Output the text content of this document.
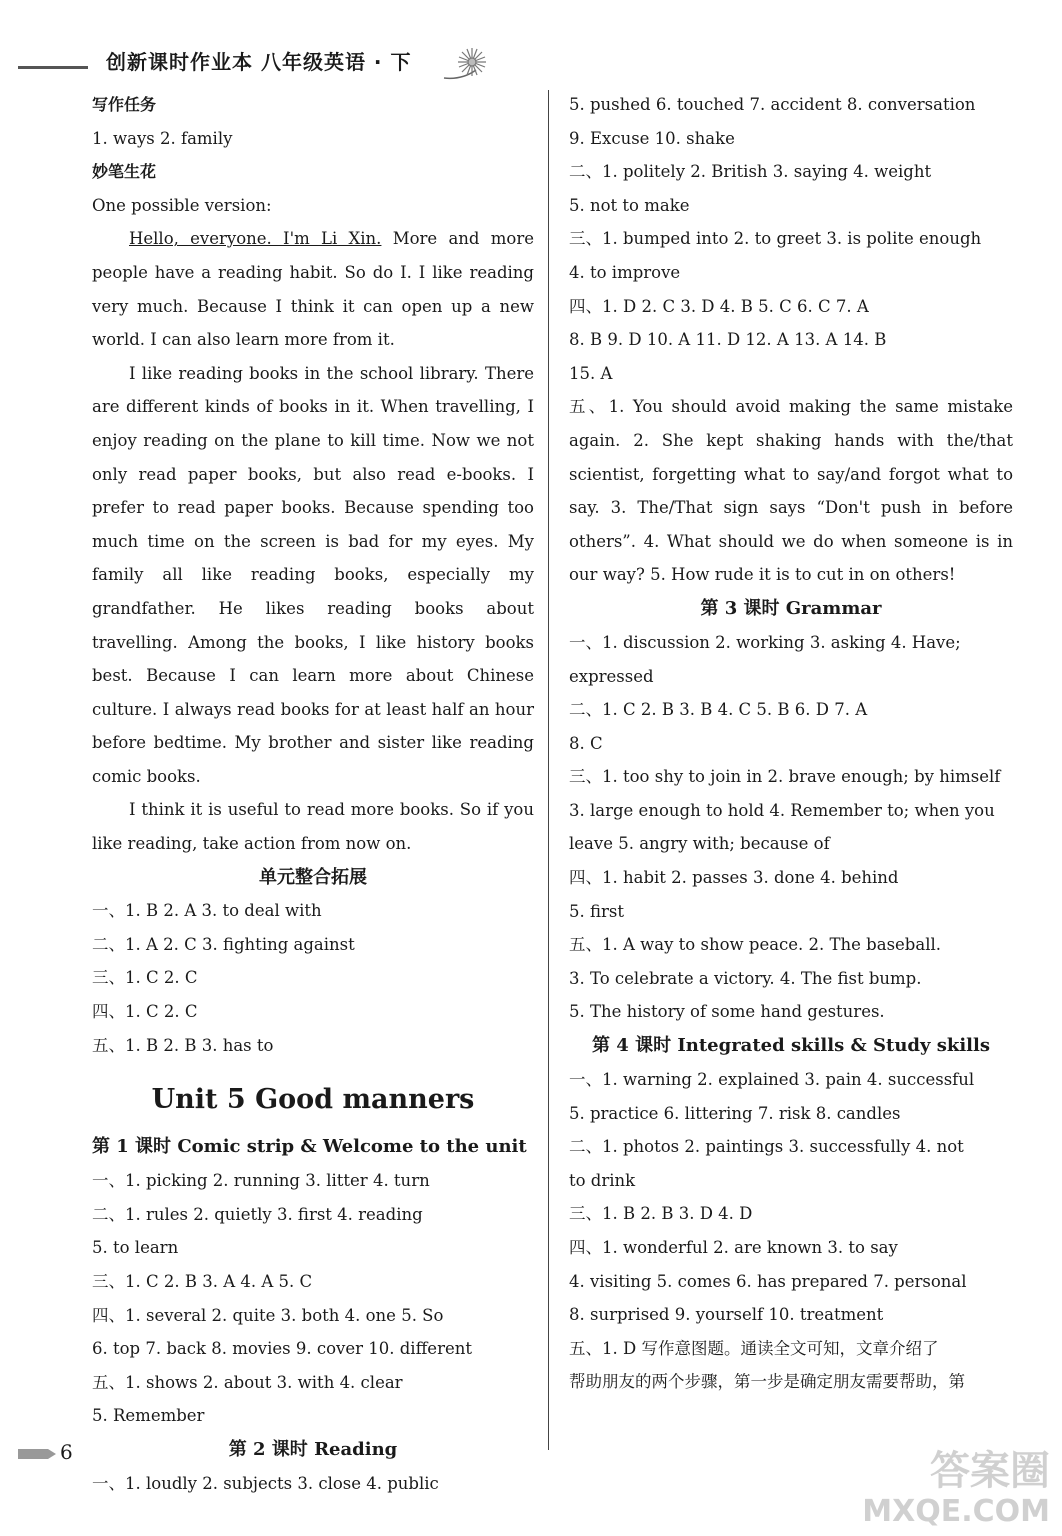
创新课时作业本 八年级英语 · 下
写作任务
1. ways 2. family
妙笔生花
One possible version:
Hello, everyone. I'm Li Xin. More and more people have a reading habit. So do I. I like reading very much. Because I think it can open up a new world. I can also learn more from it.
I like reading books in the school library. There are different kinds of books in it. When travelling, I enjoy reading on the plane to kill time. Now we not only read paper books, but also read e-books. I prefer to read paper books. Because spending too much time on the screen is bad for my eyes. My family all like reading books, especially my grandfather. He likes reading books about travelling. Among the books, I like history books best. Because I can learn more about Chinese culture. I always read books for at least half an hour before bedtime. My brother and sister like reading comic books.
I think it is useful to read more books. So if you like reading, take action from now on.
单元整合拓展
一、1. B 2. A 3. to deal with
二、1. A 2. C 3. fighting against
三、1. C 2. C
四、1. C 2. C
五、1. B 2. B 3. has to
Unit 5 Good manners
第 1 课时 Comic strip & Welcome to the unit
一、1. picking 2. running 3. litter 4. turn
二、1. rules 2. quietly 3. first 4. reading
5. to learn
三、1. C 2. B 3. A 4. A 5. C
四、1. several 2. quite 3. both 4. one 5. So
6. top 7. back 8. movies 9. cover 10. different
五、1. shows 2. about 3. with 4. clear
5. Remember
第 2 课时 Reading
一、1. loudly 2. subjects 3. close 4. public
5. pushed 6. touched 7. accident 8. conversation
9. Excuse 10. shake
二、1. politely 2. British 3. saying 4. weight
5. not to make
三、1. bumped into 2. to greet 3. is polite enough
4. to improve
四、1. D 2. C 3. D 4. B 5. C 6. C 7. A
8. B 9. D 10. A 11. D 12. A 13. A 14. B
15. A
五、1. You should avoid making the same mistake again. 2. She kept shaking hands with the/that scientist, forgetting what to say/and forgot what to say. 3. The/That sign says “Don't push in before others”. 4. What should we do when someone is in our way? 5. How rude it is to cut in on others!
第 3 课时 Grammar
一、1. discussion 2. working 3. asking 4. Have;
expressed
二、1. C 2. B 3. B 4. C 5. B 6. D 7. A
8. C
三、1. too shy to join in 2. brave enough; by himself
3. large enough to hold 4. Remember to; when you
leave 5. angry with; because of
四、1. habit 2. passes 3. done 4. behind
5. first
五、1. A way to show peace. 2. The baseball.
3. To celebrate a victory. 4. The fist bump.
5. The history of some hand gestures.
第 4 课时 Integrated skills & Study skills
一、1. warning 2. explained 3. pain 4. successful
5. practice 6. littering 7. risk 8. candles
二、1. photos 2. paintings 3. successfully 4. not
to drink
三、1. B 2. B 3. D 4. D
四、1. wonderful 2. are known 3. to say
4. visiting 5. comes 6. has prepared 7. personal
8. surprised 9. yourself 10. treatment
五、1. D 写作意图题。通读全文可知，文章介绍了
帮助朋友的两个步骤，第一步是确定朋友需要帮助，第
6	答案圈
MXQE.COM
